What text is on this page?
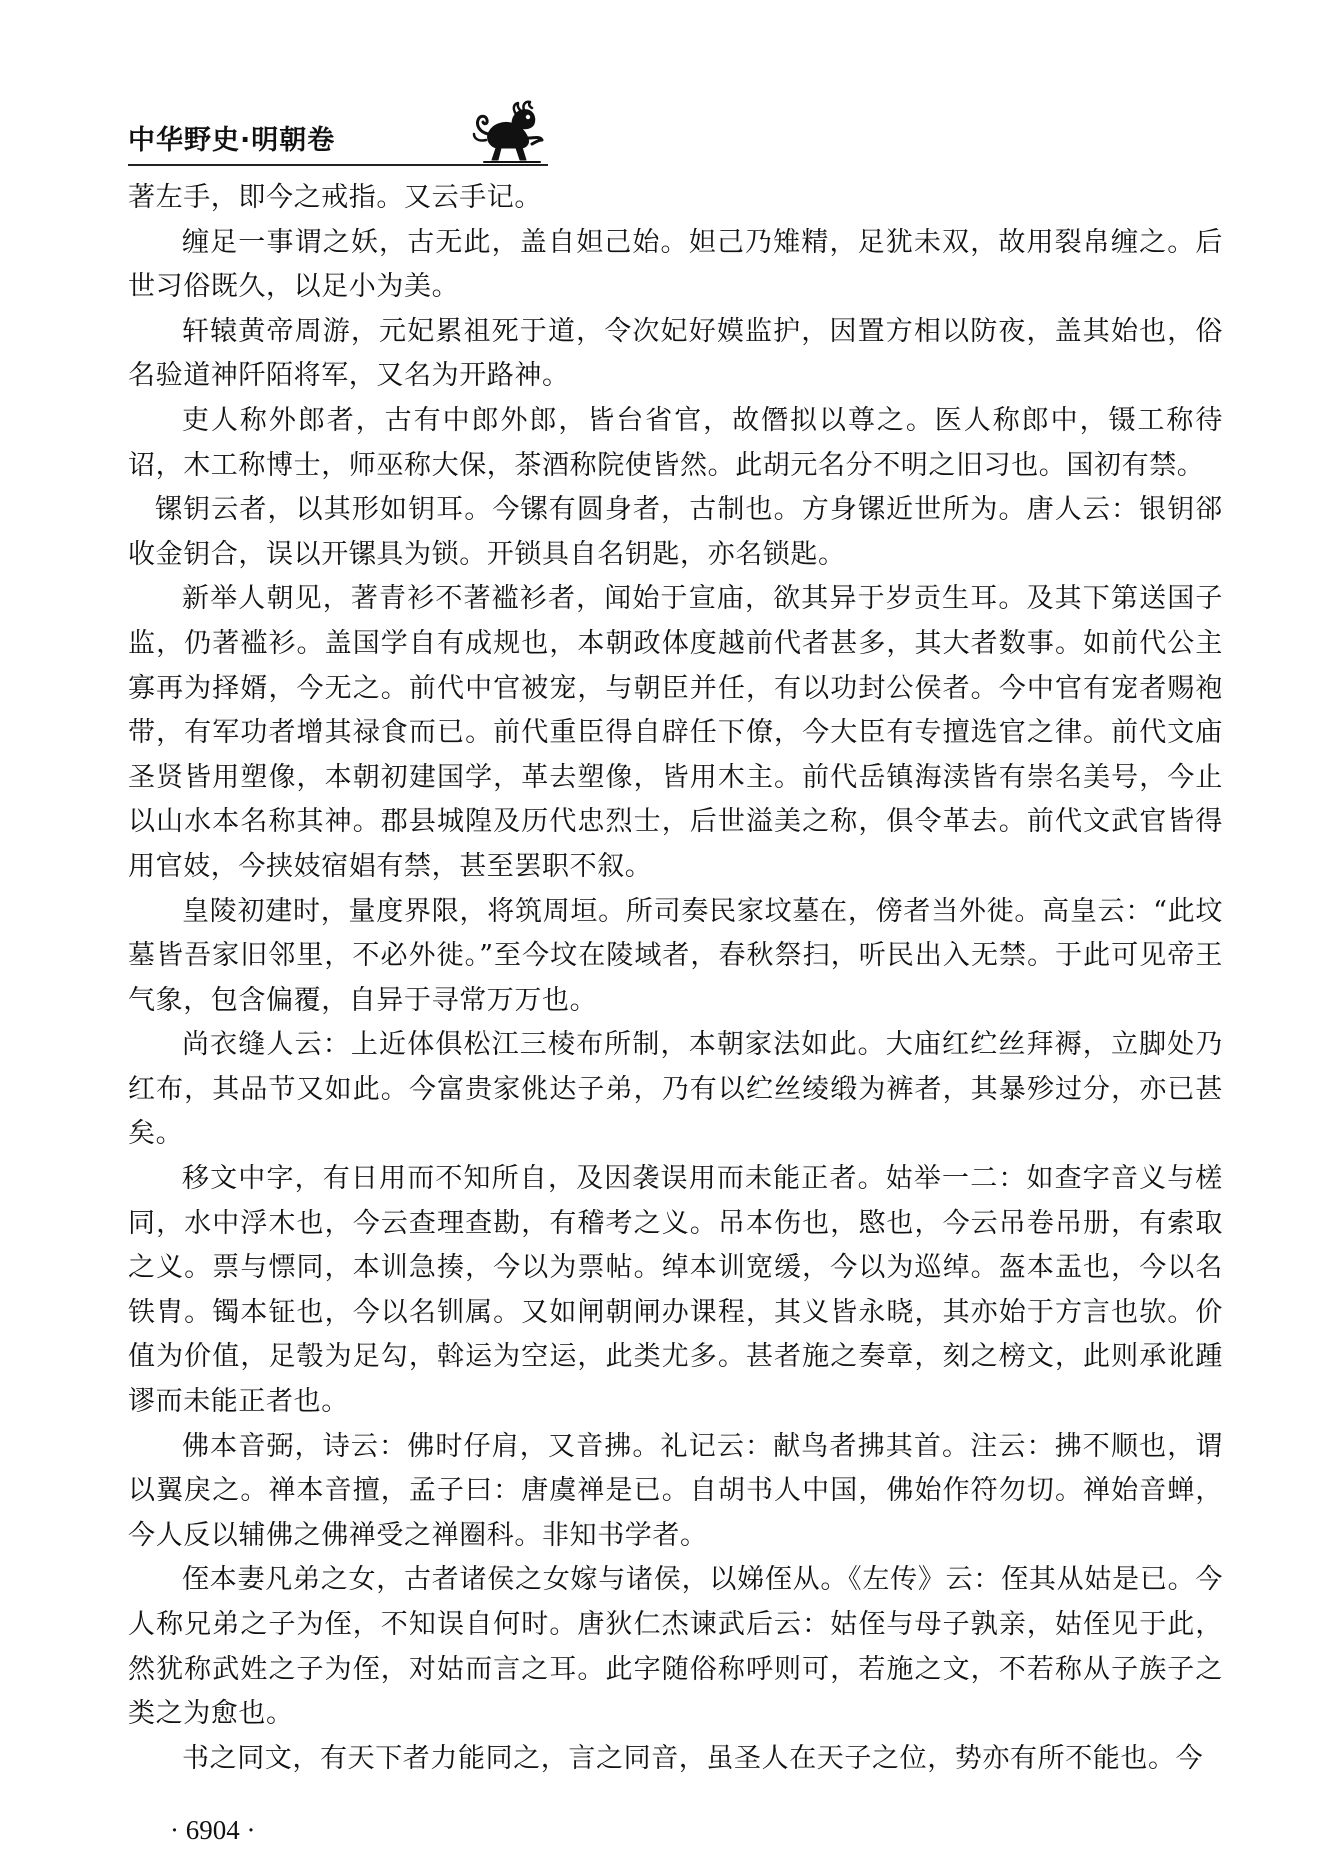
中华野史·明朝卷

著左手，即今之戒指。又云手记。

缠足一事谓之妖，古无此，盖自妲己始。妲己乃雉精，足犹未双，故用裂帛缠之。后世习俗既久，以足小为美。

轩辕黄帝周游，元妃累祖死于道，令次妃好嫫监护，因置方相以防夜，盖其始也，俗名验道神阡陌将军，又名为开路神。

吏人称外郎者，古有中郎外郎，皆台省官，故僭拟以尊之。医人称郎中，镊工称待诏，木工称博士，师巫称大保，茶酒称院使皆然。此胡元名分不明之旧习也。国初有禁。

镙钥云者，以其形如钥耳。今镙有圆身者，古制也。方身镙近世所为。唐人云：银钥郤收金钥合，误以开镙具为锁。开锁具自名钥匙，亦名锁匙。

新举人朝见，著青衫不著褴衫者，闻始于宣庙，欲其异于岁贡生耳。及其下第送国子监，仍著褴衫。盖国学自有成规也，本朝政体度越前代者甚多，其大者数事。如前代公主寡再为择婿，今无之。前代中官被宠，与朝臣并任，有以功封公侯者。今中官有宠者赐袍带，有军功者增其禄食而已。前代重臣得自辟任下僚，今大臣有专擅选官之律。前代文庙圣贤皆用塑像，本朝初建国学，革去塑像，皆用木主。前代岳镇海渎皆有崇名美号，今止以山水本名称其神。郡县城隍及历代忠烈士，后世溢美之称，俱令革去。前代文武官皆得用官妓，今挟妓宿娼有禁，甚至罢职不叙。

皇陵初建时，量度界限，将筑周垣。所司奏民家坟墓在，傍者当外徙。高皇云：“此坟墓皆吾家旧邻里，不必外徙。”至今坟在陵域者，春秋祭扫，听民出入无禁。于此可见帝王气象，包含偏覆，自异于寻常万万也。

尚衣缝人云：上近体俱松江三棱布所制，本朝家法如此。大庙红纻丝拜褥，立脚处乃红布，其品节又如此。今富贵家佻达子弟，乃有以纻丝绫缎为裤者，其暴殄过分，亦已甚矣。

移文中字，有日用而不知所自，及因袭误用而未能正者。姑举一二：如查字音义与槎同，水中浮木也，今云查理查勘，有稽考之义。吊本伤也，愍也，今云吊卷吊册，有索取之义。票与慓同，本训急揍，今以为票帖。绰本训宽缓，今以为巡绰。盔本盂也，今以名铁胄。镯本钲也，今以名钏属。又如闸朝闸办课程，其义皆永晓，其亦始于方言也欤。价值为价值，足彀为足勾，斡运为空运，此类尤多。甚者施之奏章，刻之榜文，此则承讹踵谬而未能正者也。

佛本音弼，诗云：佛时仔肩，又音拂。礼记云：献鸟者拂其首。注云：拂不顺也，谓以翼戾之。禅本音擅，孟子曰：唐虞禅是已。自胡书人中国，佛始作符勿切。禅始音蝉，今人反以辅佛之佛禅受之禅圈科。非知书学者。

侄本妻凡弟之女，古者诸侯之女嫁与诸侯，以娣侄从。《左传》云：侄其从姑是已。今人称兄弟之子为侄，不知误自何时。唐狄仁杰谏武后云：姑侄与母子孰亲，姑侄见于此，然犹称武姓之子为侄，对姑而言之耳。此字随俗称呼则可，若施之文，不若称从子族子之类之为愈也。

书之同文，有天下者力能同之，言之同音，虽圣人在天子之位，势亦有所不能也。今

· 6904 ·
